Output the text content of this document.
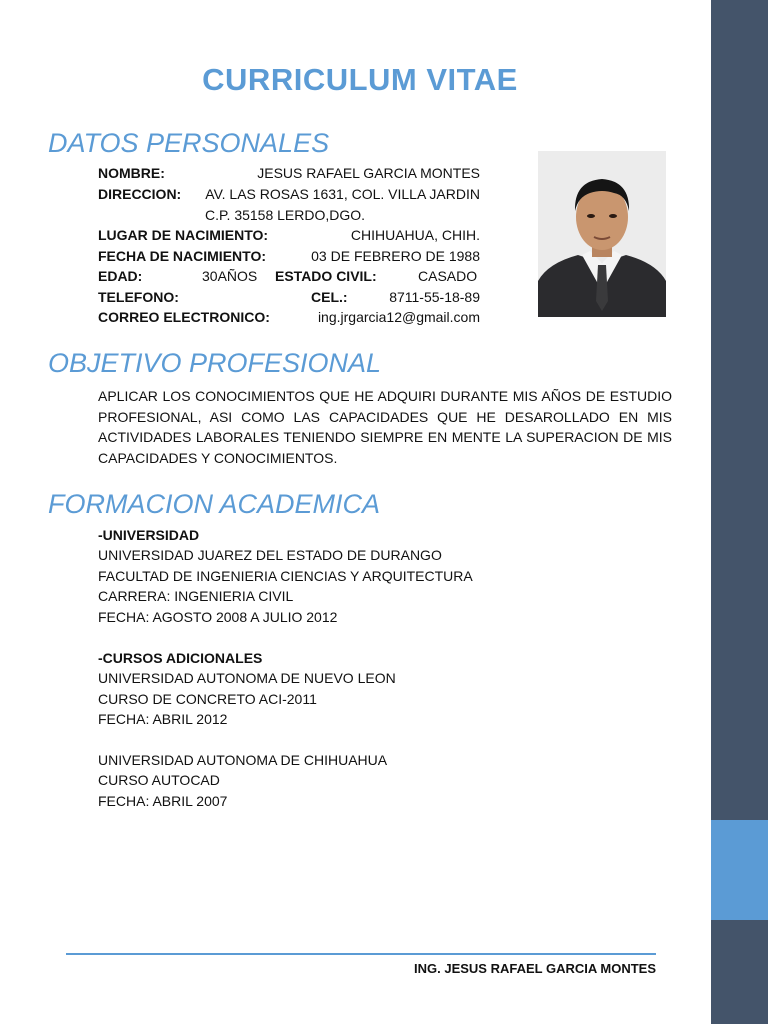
CURRICULUM VITAE
DATOS PERSONALES
NOMBRE:	JESUS RAFAEL GARCIA MONTES
DIRECCION: AV. LAS ROSAS 1631, COL. VILLA JARDIN
C.P. 35158 LERDO,DGO.
LUGAR DE NACIMIENTO:	CHIHUAHUA, CHIH.
FECHA DE NACIMIENTO:	03 DE FEBRERO DE 1988
EDAD:	30AÑOS ESTADO CIVIL:	CASADO
TELEFONO:	CEL.:	8711-55-18-89
CORREO ELECTRONICO:	ing.jrgarcia12@gmail.com
OBJETIVO PROFESIONAL
APLICAR LOS CONOCIMIENTOS QUE HE ADQUIRI DURANTE MIS AÑOS DE ESTUDIO PROFESIONAL, ASI COMO LAS CAPACIDADES QUE HE DESAROLLADO EN MIS ACTIVIDADES LABORALES TENIENDO SIEMPRE EN MENTE LA SUPERACION DE MIS CAPACIDADES Y CONOCIMIENTOS.
FORMACION ACADEMICA
-UNIVERSIDAD
UNIVERSIDAD JUAREZ DEL ESTADO DE DURANGO
FACULTAD DE INGENIERIA CIENCIAS Y ARQUITECTURA
CARRERA: INGENIERIA CIVIL
FECHA: AGOSTO 2008 A JULIO 2012
-CURSOS ADICIONALES
UNIVERSIDAD AUTONOMA DE NUEVO LEON
CURSO DE CONCRETO ACI-2011
FECHA: ABRIL 2012
UNIVERSIDAD AUTONOMA DE CHIHUAHUA
CURSO AUTOCAD
FECHA: ABRIL 2007
ING. JESUS RAFAEL GARCIA MONTES
